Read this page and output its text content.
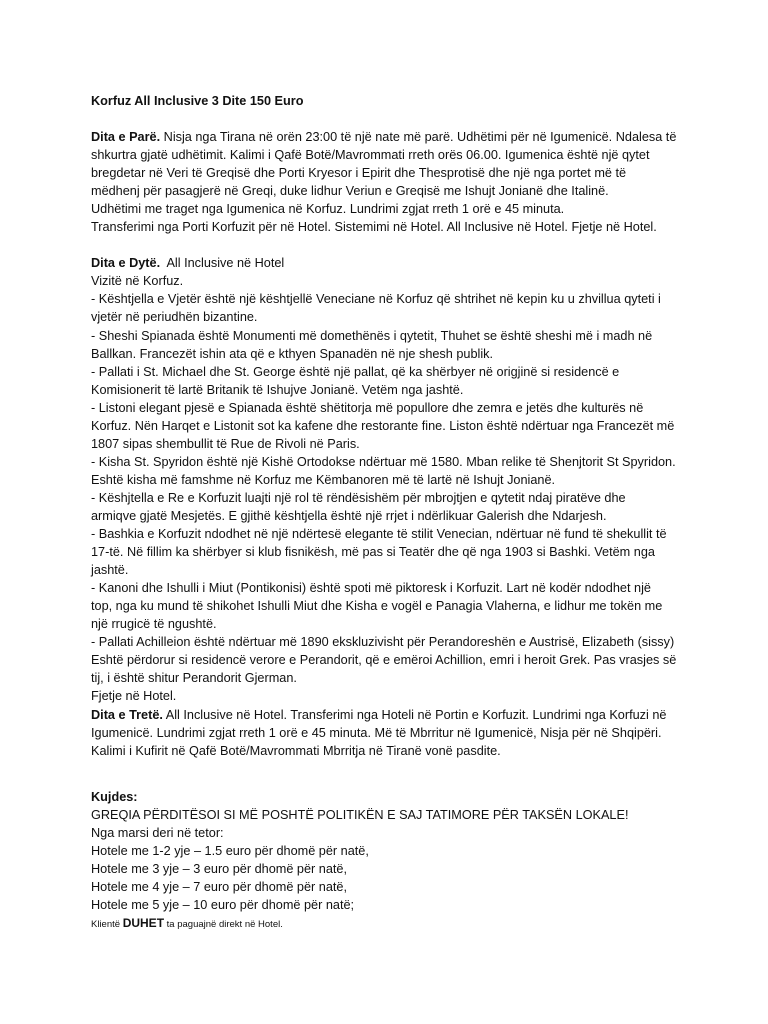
Korfuz All Inclusive 3 Dite 150 Euro
Dita e Parë. Nisja nga Tirana në orën 23:00 të një nate më parë. Udhëtimi për në Igumenicë. Ndalesa të
shkurtra gjatë udhëtimit. Kalimi i Qafë Botë/Mavrommati rreth orës 06.00. Igumenica është një qytet
bregdetar në Veri të Greqisë dhe Porti Kryesor i Epirit dhe Thesprotisë dhe një nga portet më të
mëdhenj për pasagjerë në Greqi, duke lidhur Veriun e Greqisë me Ishujt Jonianë dhe Italinë.
Udhëtimi me traget nga Igumenica në Korfuz. Lundrimi zgjat rreth 1 orë e 45 minuta.
Transferimi nga Porti Korfuzit për në Hotel. Sistemimi në Hotel. All Inclusive në Hotel. Fjetje në Hotel.
Dita e Dytë.  All Inclusive në Hotel
Vizitë në Korfuz.
- Kështjella e Vjetër është një kështjellë Veneciane në Korfuz që shtrihet në kepin ku u zhvillua qyteti i
vjetër në periudhën bizantine.
- Sheshi Spianada është Monumenti më domethënës i qytetit, Thuhet se është sheshi më i madh në
Ballkan. Francezët ishin ata që e kthyen Spanadën në nje shesh publik.
- Pallati i St. Michael dhe St. George është një pallat, që ka shërbyer në origjinë si residencë e
Komisionerit të lartë Britanik të Ishujve Jonianë. Vetëm nga jashtë.
- Listoni elegant pjesë e Spianada është shëtitorja më popullore dhe zemra e jetës dhe kulturës në
Korfuz. Nën Harqet e Listonit sot ka kafene dhe restorante fine. Liston është ndërtuar nga Francezët më
1807 sipas shembullit të Rue de Rivoli në Paris.
- Kisha St. Spyridon është një Kishë Ortodokse ndërtuar më 1580. Mban relike të Shenjtorit St Spyridon.
Eshtë kisha më famshme në Korfuz me Këmbanoren më të lartë në Ishujt Jonianë.
- Këshjtella e Re e Korfuzit luajti një rol të rëndësishëm për mbrojtjen e qytetit ndaj piratëve dhe
armiqve gjatë Mesjetës. E gjithë kështjella është një rrjet i ndërlikuar Galerish dhe Ndarjesh.
- Bashkia e Korfuzit ndodhet në një ndërtesë elegante të stilit Venecian, ndërtuar në fund të shekullit të
17-të. Në fillim ka shërbyer si klub fisnikësh, më pas si Teatër dhe që nga 1903 si Bashki. Vetëm nga
jashtë.
- Kanoni dhe Ishulli i Miut (Pontikonisi) është spoti më piktoresk i Korfuzit. Lart në kodër ndodhet një
top, nga ku mund të shikohet Ishulli Miut dhe Kisha e vogël e Panagia Vlaherna, e lidhur me tokën me
një rrugicë të ngushtë.
- Pallati Achilleion është ndërtuar më 1890 ekskluzivisht për Perandoreshën e Austrisë, Elizabeth (sissy)
Eshtë përdorur si residencë verore e Perandorit, që e emëroi Achillion, emri i heroit Grek. Pas vrasjes së
tij, i është shitur Perandorit Gjerman.
Fjetje në Hotel.
Dita e Tretë. All Inclusive në Hotel. Transferimi nga Hoteli në Portin e Korfuzit. Lundrimi nga Korfuzi në
Igumenicë. Lundrimi zgjat rreth 1 orë e 45 minuta. Më të Mbrritur në Igumenicë, Nisja për në Shqipëri.
Kalimi i Kufirit në Qafë Botë/Mavrommati Mbrritja në Tiranë vonë pasdite.
Kujdes:
GREQIA PËRDITËSOI SI MË POSHTË POLITIKËN E SAJ TATIMORE PËR TAKSËN LOKALE!
Nga marsi deri në tetor:
Hotele me 1-2 yje – 1.5 euro për dhomë për natë,
Hotele me 3 yje – 3 euro për dhomë për natë,
Hotele me 4 yje – 7 euro për dhomë për natë,
Hotele me 5 yje – 10 euro për dhomë për natë;
Klientë DUHET ta paguajnë direkt në Hotel.
